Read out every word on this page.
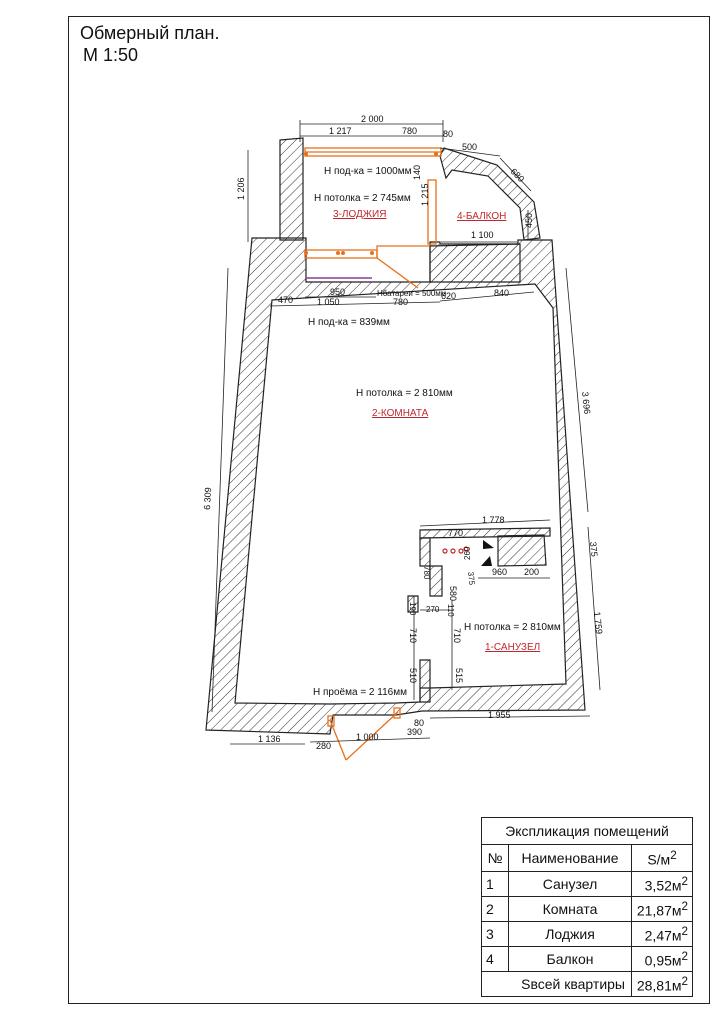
Обмерный план.
М 1:50
Н под-ка = 1000мм
Н потолка = 2 745мм
3-ЛОДЖИЯ	4-БАЛКОН
Нбатареи = 500мм
Н под-ка = 839мм
Н потолка = 2 810мм
2-КОМНАТА
Н потолка = 2 810мм
1-САНУЗЕЛ
Н проёма = 2 116мм
2 000
1 217	780	80
500
680
1 206
140
1 215
450
1 100
950
470	1 050	780
620	840
3 696
6 309
770
1 778
375
260
375 960 200
580
780
190 270 110
710	710
1 759
510	515
80
1 955
1 136
280
1 000	390
Экспликация помещений		
№	Наименование	$S/м^2$
1	Санузел	$3,52м^2$
2	Комната	$21,87м^2$
3	Лоджия	$2,47м^2$
4	Балкон	$0,95м^2$
Sвсей квартиры		$28,81м^2$
